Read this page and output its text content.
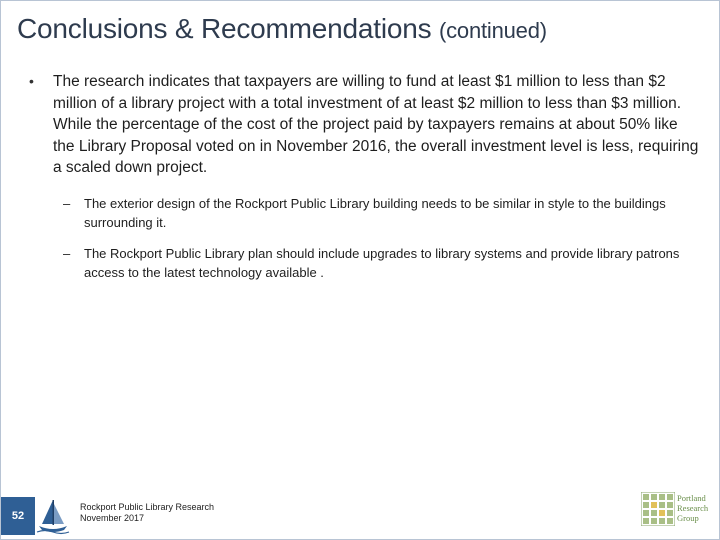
Conclusions & Recommendations (continued)
• The research indicates that taxpayers are willing to fund at least $1 million to less than $2 million of a library project with a total investment of at least $2 million to less than $3 million. While the percentage of the cost of the project paid by taxpayers remains at about 50% like the Library Proposal voted on in November 2016, the overall investment level is less, requiring a scaled down project.
– The exterior design of the Rockport Public Library building needs to be similar in style to the buildings surrounding it.
– The Rockport Public Library plan should include upgrades to library systems and provide library patrons access to the latest technology available .
52
Rockport Public Library Research
November 2017
Portland
Research
Group
